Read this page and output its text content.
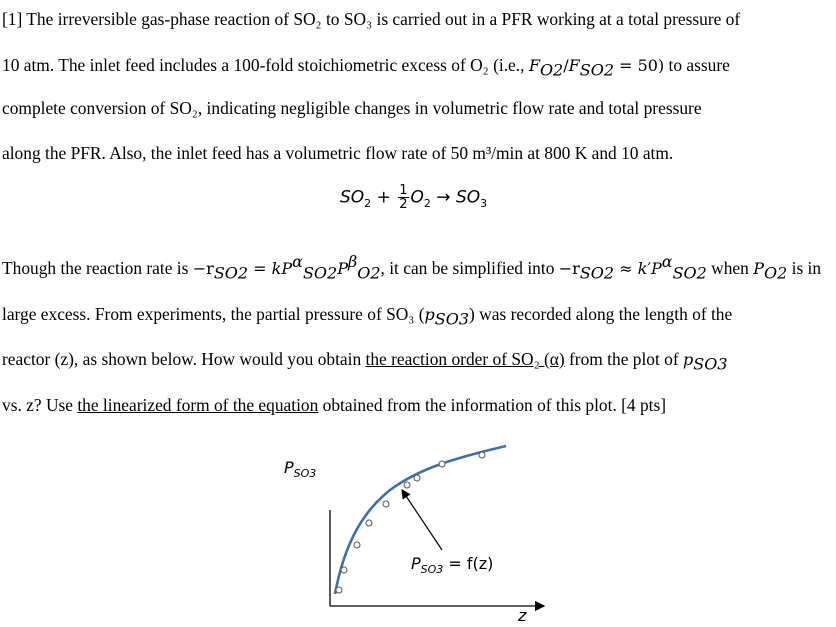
[1] The irreversible gas-phase reaction of SO₂ to SO₃ is carried out in a PFR working at a total pressure of
10 atm. The inlet feed includes a 100-fold stoichiometric excess of O₂ (i.e., $F_{O2}/F_{SO2} = 50$) to assure
complete conversion of SO₂, indicating negligible changes in volumetric flow rate and total pressure
along the PFR. Also, the inlet feed has a volumetric flow rate of 50 m³/min at 800 K and 10 atm.
$SO_2 + \frac{1}{2} O_2 \to SO_3$
Though the reaction rate is $-r_{SO2} = kP^\alpha_{SO2}P^\beta_{O2}$, it can be simplified into $-r_{SO2} \approx k'P^\alpha_{SO2}$ when $P_{O2}$ is in
large excess. From experiments, the partial pressure of SO₃ $(p_{SO3})$ was recorded along the length of the
reactor (z), as shown below. How would you obtain the reaction order of SO₂ (α) from the plot of $p_{SO3}$
vs. z? Use the linearized form of the equation obtained from the information of this plot. [4 pts]
$P_{SO3}$
$P_{SO3} = f(z)$
z
